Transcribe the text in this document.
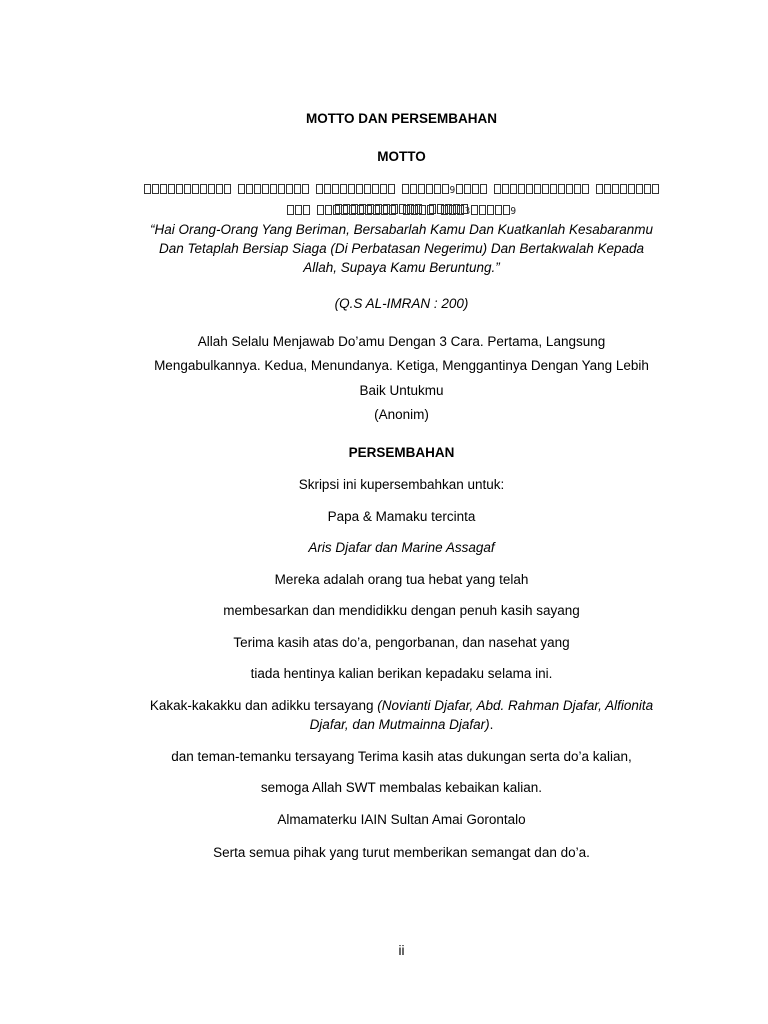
MOTTO DAN PERSEMBAHAN
MOTTO
9     3	9

“Hai Orang-Orang Yang Beriman, Bersabarlah Kamu Dan Kuatkanlah Kesabaranmu
Dan Tetaplah Bersiap Siaga (Di Perbatasan Negerimu) Dan Bertakwalah Kepada
Allah, Supaya Kamu Beruntung.”
(Q.S AL-IMRAN : 200)
Allah Selalu Menjawab Do’amu Dengan 3 Cara. Pertama, Langsung
Mengabulkannya. Kedua, Menundanya. Ketiga, Menggantinya Dengan Yang Lebih
Baik Untukmu
(Anonim)
PERSEMBAHAN
Skripsi ini kupersembahkan untuk:
Papa & Mamaku tercinta
Aris Djafar dan Marine Assagaf
Mereka adalah orang tua hebat yang telah
membesarkan dan mendidikku dengan penuh kasih sayang
Terima kasih atas do’a, pengorbanan, dan nasehat yang
tiada hentinya kalian berikan kepadaku selama ini.
Kakak-kakakku dan adikku tersayang (Novianti Djafar, Abd. Rahman Djafar, Alfionita Djafar, dan Mutmainna Djafar).
dan teman-temanku tersayang Terima kasih atas dukungan serta do’a kalian,
semoga Allah SWT membalas kebaikan kalian.
Almamaterku IAIN Sultan Amai Gorontalo
Serta semua pihak yang turut memberikan semangat dan do’a.
ii
